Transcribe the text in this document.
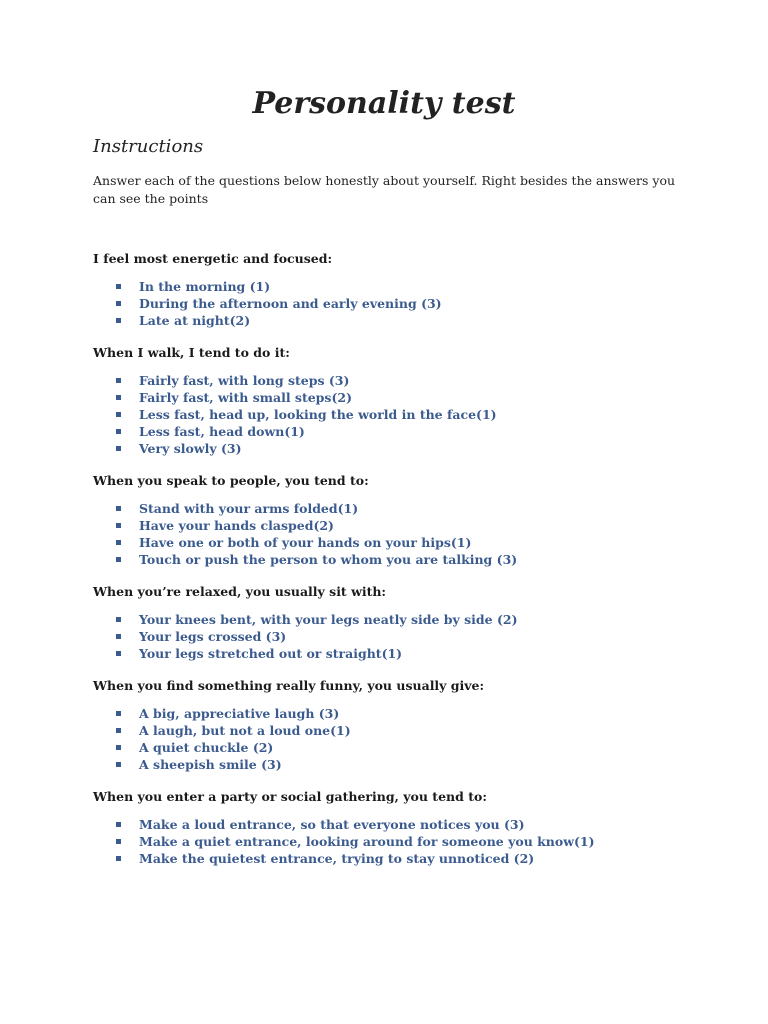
Personality test
Instructions

Answer each of the questions below honestly about yourself. Right besides the answers you can see the points

I feel most energetic and focused:

In the morning (1)
During the afternoon and early evening (3)
Late at night(2)

When I walk, I tend to do it:

Fairly fast, with long steps (3)
Fairly fast, with small steps(2)
Less fast, head up, looking the world in the face(1)
Less fast, head down(1)
Very slowly (3)

When you speak to people, you tend to:

Stand with your arms folded(1)
Have your hands clasped(2)
Have one or both of your hands on your hips(1)
Touch or push the person to whom you are talking (3)

When you’re relaxed, you usually sit with:

Your knees bent, with your legs neatly side by side (2)
Your legs crossed (3)
Your legs stretched out or straight(1)

When you find something really funny, you usually give:

A big, appreciative laugh (3)
A laugh, but not a loud one(1)
A quiet chuckle (2)
A sheepish smile (3)

When you enter a party or social gathering, you tend to:

Make a loud entrance, so that everyone notices you (3)
Make a quiet entrance, looking around for someone you know(1)
Make the quietest entrance, trying to stay unnoticed (2)
